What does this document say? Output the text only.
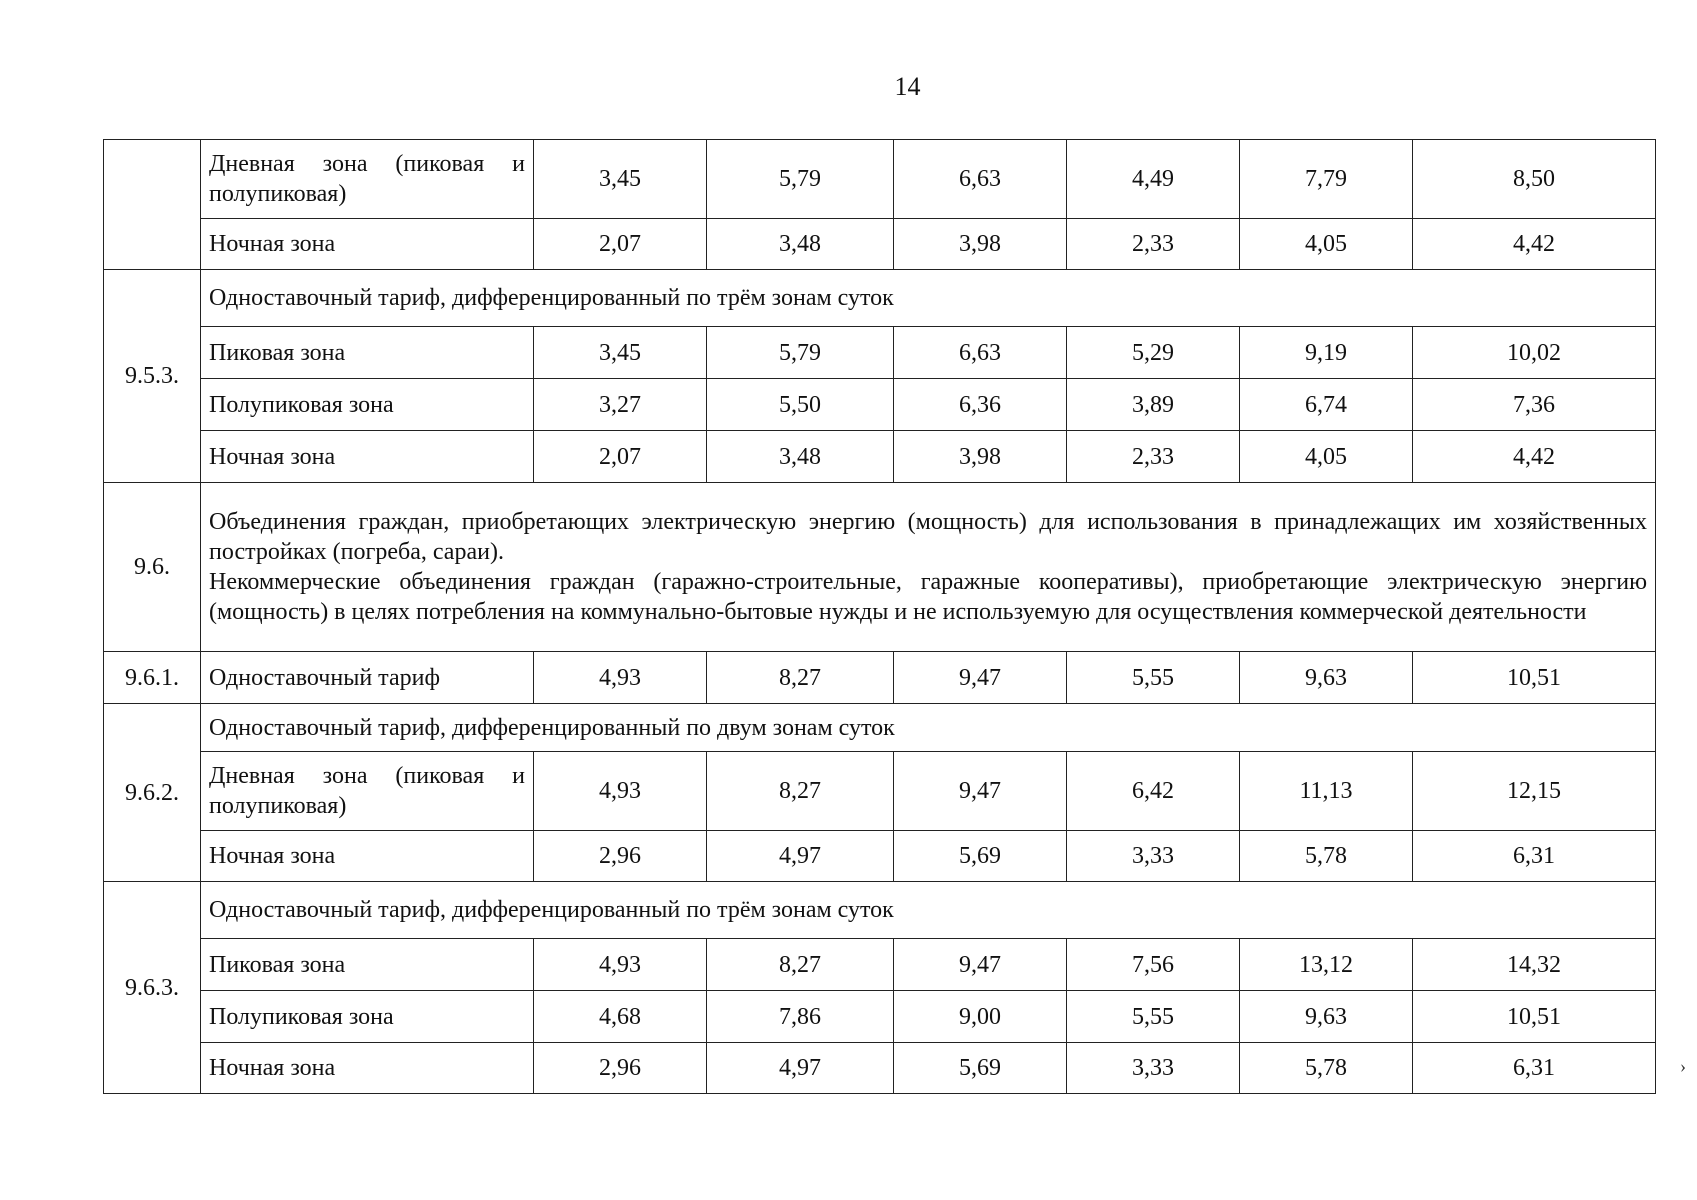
14
	Дневная зона (пиковая и полупиковая)	3,45	5,79	6,63	4,49	7,79	8,50
	Ночная зона	2,07	3,48	3,98	2,33	4,05	4,42
9.5.3.	Одноставочный тариф, дифференцированный по трём зонам суток						
	Пиковая зона	3,45	5,79	6,63	5,29	9,19	10,02
	Полупиковая зона	3,27	5,50	6,36	3,89	6,74	7,36
	Ночная зона	2,07	3,48	3,98	2,33	4,05	4,42
9.6.	Объединения граждан, приобретающих электрическую энергию (мощность) для использования в принадлежащих им хозяйственных постройках (погреба, сараи).
Некоммерческие объединения граждан (гаражно-строительные, гаражные кооперативы), приобретающие электрическую энергию (мощность) в целях потребления на коммунально-бытовые нужды и не используемую для осуществления коммерческой деятельности						

9.6.1.	Одноставочный тариф	4,93	8,27	9,47	5,55	9,63	10,51
9.6.2.	Одноставочный тариф, дифференцированный по двум зонам суток						
	Дневная зона (пиковая и полупиковая)	4,93	8,27	9,47	6,42	11,13	12,15
	Ночная зона	2,96	4,97	5,69	3,33	5,78	6,31
9.6.3.	Одноставочный тариф, дифференцированный по трём зонам суток						
	Пиковая зона	4,93	8,27	9,47	7,56	13,12	14,32
	Полупиковая зона	4,68	7,86	9,00	5,55	9,63	10,51
	Ночная зона	2,96	4,97	5,69	3,33	5,78	6,31	›
